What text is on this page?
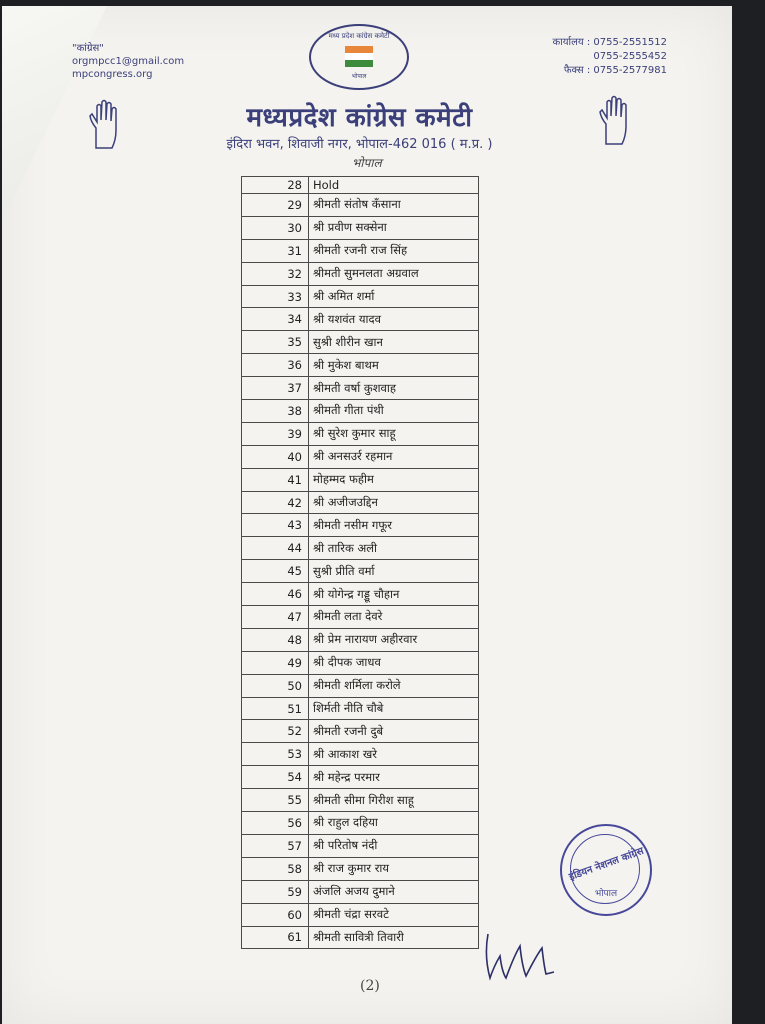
"कांग्रेस"
orgmpcc1@gmail.com
mpcongress.org
मध्य प्रदेश कांग्रेस कमेटी
भोपाल
कार्यालय : 0755-2551512
0755-2555452
फैक्स : 0755-2577981
मध्यप्रदेश कांग्रेस कमेटी
इंदिरा भवन, शिवाजी नगर, भोपाल-462 016 ( म.प्र. )
भोपाल
28	Hold
29	श्रीमती संतोष कँसाना
30	श्री प्रवीण सक्सेना
31	श्रीमती रजनी राज सिंह
32	श्रीमती सुमनलता अग्रवाल
33	श्री अमित शर्मा
34	श्री यशवंत यादव
35	सुश्री शीरीन खान
36	श्री मुकेश बाथम
37	श्रीमती वर्षा कुशवाह
38	श्रीमती गीता पंथी
39	श्री सुरेश कुमार साहू
40	श्री अनसउर्र रहमान
41	मोहम्मद फहीम
42	श्री अजीजउद्दिन
43	श्रीमती नसीम गफूर
44	श्री तारिक अली
45	सुश्री प्रीति वर्मा
46	श्री योगेन्द्र गड्डू चौहान
47	श्रीमती लता देवरे
48	श्री प्रेम नारायण अहीरवार
49	श्री दीपक जाधव
50	श्रीमती शर्मिला करोले
51	शिर्मती नीति चौबे
52	श्रीमती रजनी दुबे
53	श्री आकाश खरे
54	श्री महेन्द्र परमार
55	श्रीमती सीमा गिरीश साहू
56	श्री राहुल दहिया
57	श्री परितोष नंदी
58	श्री राज कुमार राय
59	अंजलि अजय दुमाने
60	श्रीमती चंद्रा सरवटे
61	श्रीमती सावित्री तिवारी
इंडियन नेशनल कांग्रेस
भोपाल
(2)
